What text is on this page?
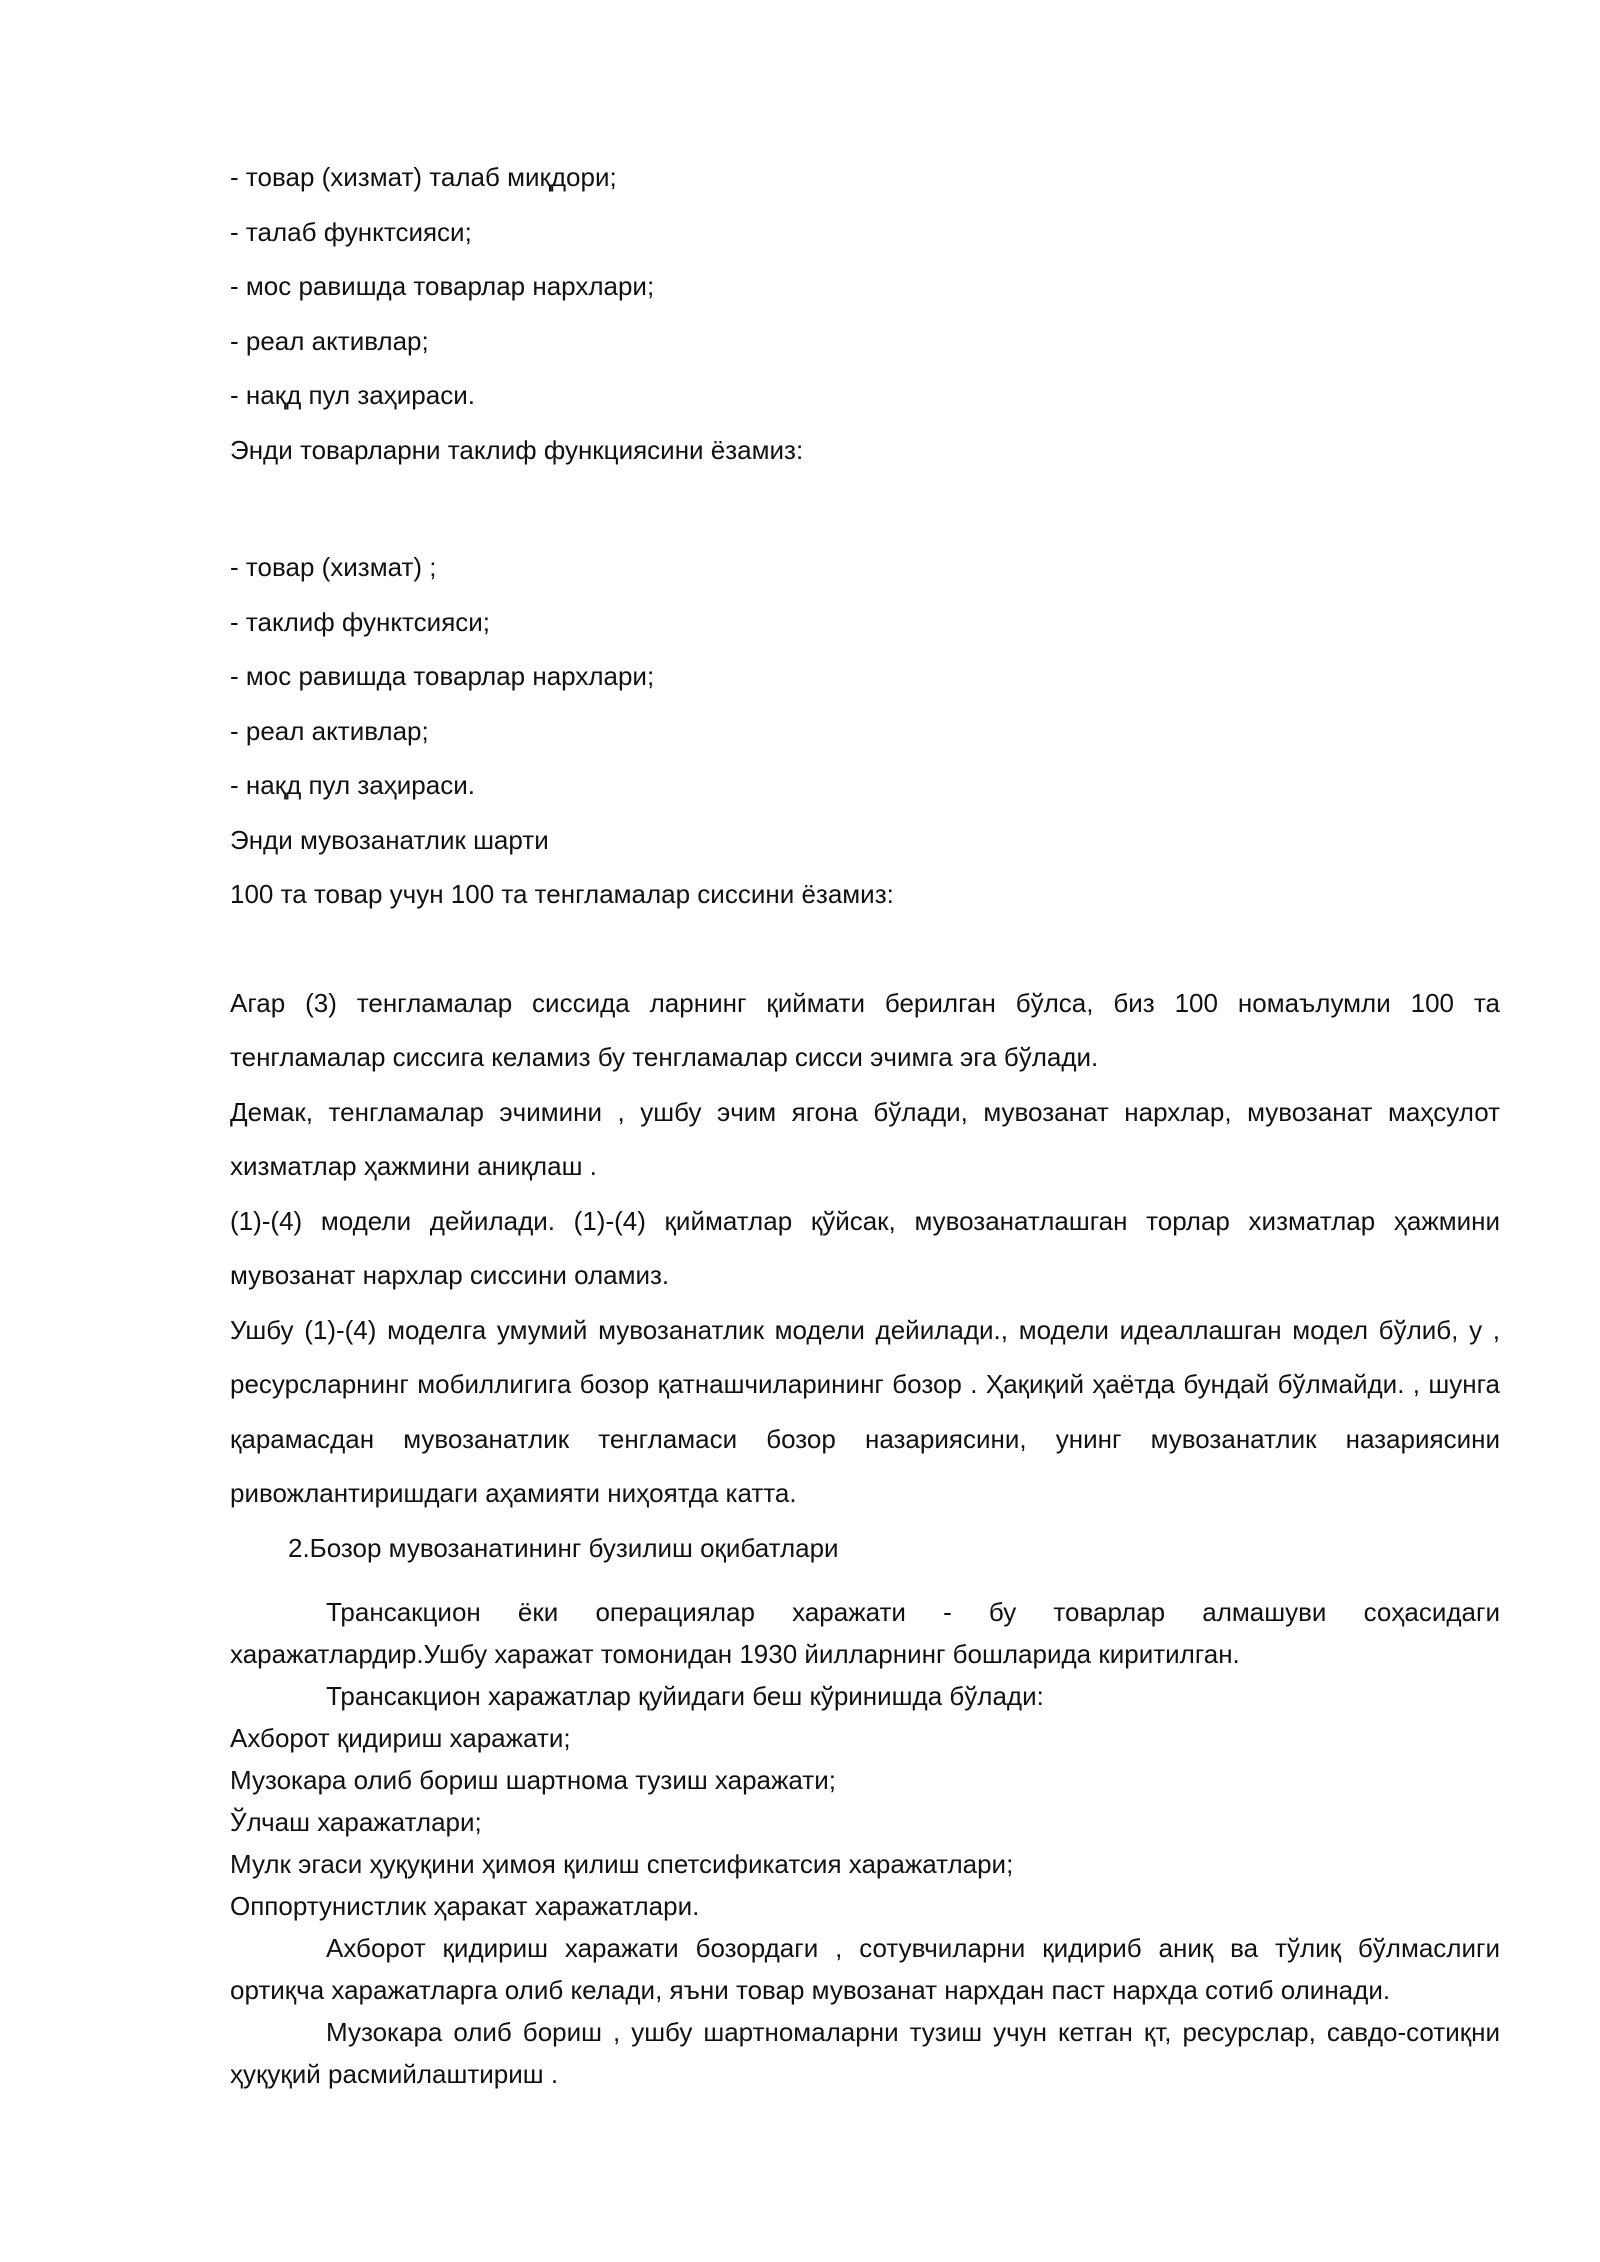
- товар (хизмат) талаб миқдори;
- талаб функтсияси;
- мос равишда товарлар нархлари;
- реал активлар;
- нақд пул заҳираси.
Энди товарларни таклиф функциясини ёзамиз:
- товар (хизмат) ;
- таклиф функтсияси;
- мос равишда товарлар нархлари;
- реал активлар;
- нақд пул заҳираси.
Энди мувозанатлик шарти
100 та товар учун 100 та тенгламалар сиссини ёзамиз:

Агар (3) тенгламалар сиссида ларнинг қиймати берилган бўлса, биз 100 номаълумли 100 та тенгламалар сиссига келамиз бу тенгламалар сисси эчимга эга бўлади.

Демак, тенгламалар эчимини , ушбу эчим ягона бўлади, мувозанат нархлар, мувозанат маҳсулот хизматлар ҳажмини аниқлаш .

(1)-(4) модели дейилади. (1)-(4) қийматлар қўйсак, мувозанатлашган торлар хизматлар ҳажмини мувозанат нархлар сиссини оламиз.

Ушбу (1)-(4) моделга умумий мувозанатлик модели дейилади., модели идеаллашган модел бўлиб, у , ресурсларнинг мобиллигига бозор қатнашчиларининг бозор . Ҳақиқий ҳаётда бундай бўлмайди. , шунга қарамасдан мувозанатлик тенгламаси бозор назариясини, унинг мувозанатлик назариясини ривожлантиришдаги аҳамияти ниҳоятда катта.

2.Бозор мувозанатининг бузилиш оқибатлари

Трансакцион ёки операциялар харажати - бу товарлар алмашуви соҳасидаги харажатлардир.Ушбу харажат томонидан 1930 йилларнинг бошларида киритилган.

Трансакцион харажатлар қуйидаги беш кўринишда бўлади:

Ахборот қидириш харажати;
Музокара олиб бориш шартнома тузиш харажати;
Ўлчаш харажатлари;
Мулк эгаси ҳуқуқини ҳимоя қилиш спетсификатсия харажатлари;
Оппортунистлик ҳаракат харажатлари.

Ахборот қидириш харажати бозордаги , сотувчиларни қидириб аниқ ва тўлиқ бўлмаслиги ортиқча харажатларга олиб келади, яъни товар мувозанат нархдан паст нархда сотиб олинади.

Музокара олиб бориш , ушбу шартномаларни тузиш учун кетган қт, ресурслар, савдо-сотиқни ҳуқуқий расмийлаштириш .
